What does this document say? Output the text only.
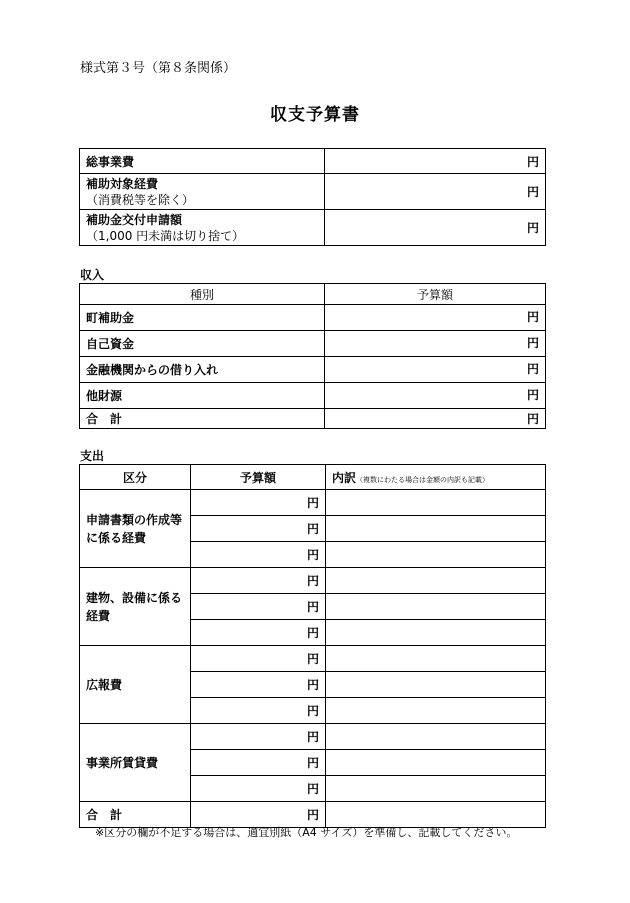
様式第３号（第８条関係）
収支予算書
総事業費	円

補助対象経費
（消費税等を除く）	円

補助金交付申請額
（1,000 円未満は切り捨て）	円
収入
種別	予算額
町補助金	円
自己資金	円
金融機関からの借り入れ	円
他財源	円
合　計	円
支出
区分	予算額	内訳（複数にわたる場合は金額の内訳も記載）
申請書類の作成等に係る経費	円	
	円	
	円	
建物、設備に係る経費	円	
	円	
	円	
広報費	円	
	円	
	円	
事業所賃貸費	円	
	円	
	円	
合　計	円	
※区分の欄が不足する場合は、適宜別紙（A4 サイズ）を準備し、記載してください。
